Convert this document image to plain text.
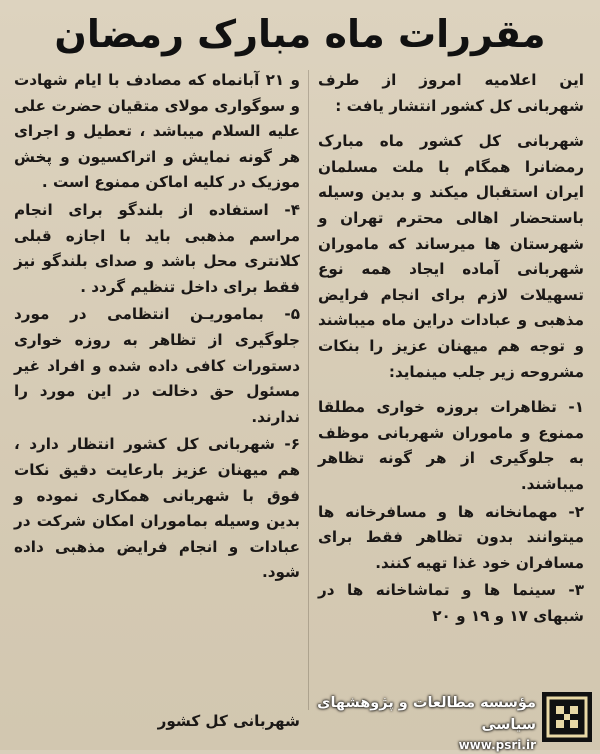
مقررات ماه مبارک رمضان

این اعلامیه امروز از طرف شهربانی کل کشور انتشار یافت :

شهربانی کل کشور ماه مبارک رمضانرا همگام با ملت مسلمان ایران استقبال میکند و بدین وسیله باستحضار اهالی محترم تهران و شهرستان ها میرساند که ماموران شهربانی آماده ایجاد همه نوع تسهیلات لازم برای انجام فرایض مذهبی و عبادات دراین ماه میباشند و توجه هم میهنان عزیز را بنکات مشروحه زیر جلب مینماید:

۱- تظاهرات بروزه خواری مطلقا ممنوع و ماموران شهربانی موظف به جلوگیری از هر گونه تظاهر میباشند.

۲- مهمانخانه ها و مسافرخانه ها میتوانند بدون تظاهر فقط برای مسافران خود غذا تهیه کنند.

۳- سینما ها و تماشاخانه ها در شبهای ۱۷ و ۱۹ و ۲۰

و ۲۱ آبانماه که مصادف با ایام شهادت و سوگواری مولای متقیان حضرت علی علیه السلام میباشد ، تعطیل و اجرای هر گونه نمایش و اتراکسیون و پخش موزیک در کلیه اماکن ممنوع است .

۴- استفاده از بلندگو برای انجام مراسم مذهبی باید با اجازه قبلی کلانتری محل باشد و صدای بلندگو نیز فقط برای داخل تنظیم گردد .

۵- بماموریـن انتظامی در مورد جلوگیری از تظاهر به روزه خواری دستورات کافی داده شده و افراد غیر مسئول حق دخالت در این مورد را ندارند.

۶- شهربانی کل کشور انتظار دارد ، هم میهنان عزیز بارعایت دقیق نکات فوق با شهربانی همکاری نموده و بدین وسیله بماموران امکان شرکت در عبادات و انجام فرایض مذهبی داده شود.

شهربانی کل کشور
مؤسسه مطالعات و پژوهشهای سیاسی
www.psri.ir
